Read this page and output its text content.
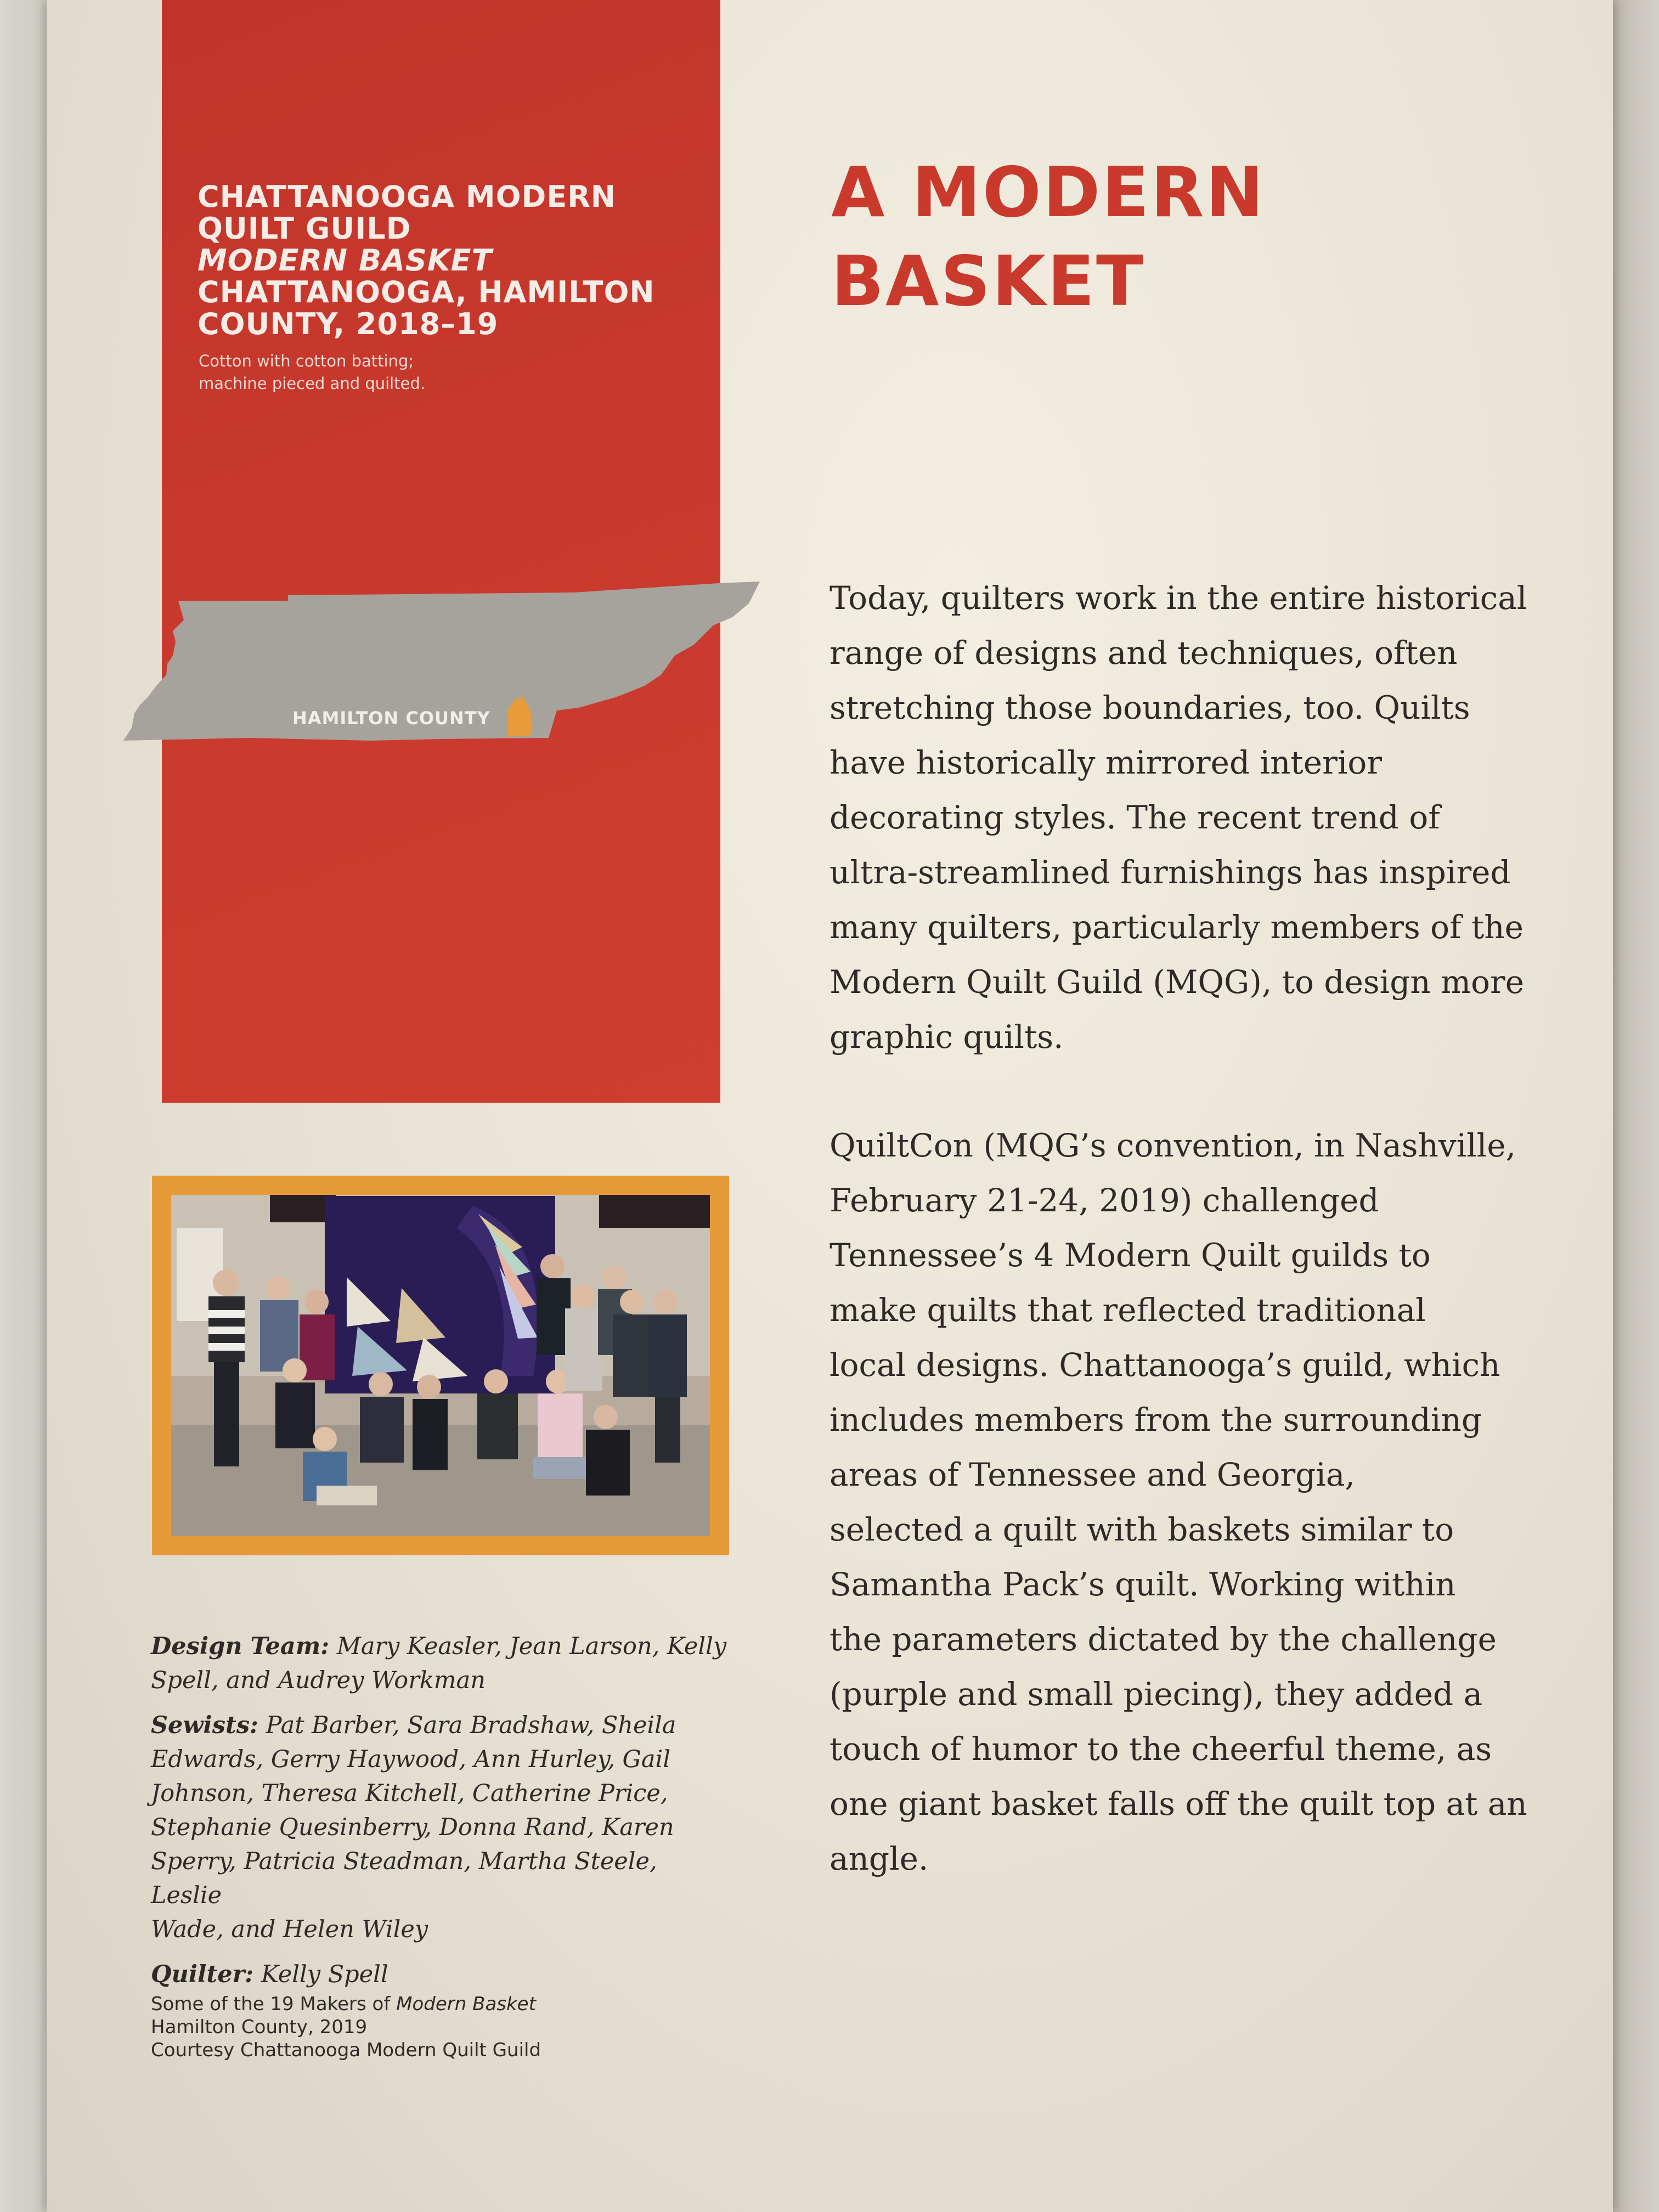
CHATTANOOGA MODERN
QUILT GUILD
MODERN BASKET
CHATTANOOGA, HAMILTON
COUNTY, 2018–19
Cotton with cotton batting;
machine pieced and quilted.
HAMILTON COUNTY
A MODERN
BASKET
Today, quilters work in the entire historical
range of designs and techniques, often
stretching those boundaries, too. Quilts
have historically mirrored interior
decorating styles. The recent trend of
ultra-streamlined furnishings has inspired
many quilters, particularly members of the
Modern Quilt Guild (MQG), to design more
graphic quilts.
QuiltCon (MQG’s convention, in Nashville,
February 21-24, 2019) challenged
Tennessee’s 4 Modern Quilt guilds to
make quilts that reflected traditional
local designs. Chattanooga’s guild, which
includes members from the surrounding
areas of Tennessee and Georgia,
selected a quilt with baskets similar to
Samantha Pack’s quilt. Working within
the parameters dictated by the challenge
(purple and small piecing), they added a
touch of humor to the cheerful theme, as
one giant basket falls off the quilt top at an
angle.

Design Team: Mary Keasler, Jean Larson, Kelly
Spell, and Audrey Workman

Sewists: Pat Barber, Sara Bradshaw, Sheila
Edwards, Gerry Haywood, Ann Hurley, Gail
Johnson, Theresa Kitchell, Catherine Price,
Stephanie Quesinberry, Donna Rand, Karen
Sperry, Patricia Steadman, Martha Steele, Leslie
Wade, and Helen Wiley

Quilter: Kelly Spell

Some of the 19 Makers of Modern Basket
Hamilton County, 2019
Courtesy Chattanooga Modern Quilt Guild
